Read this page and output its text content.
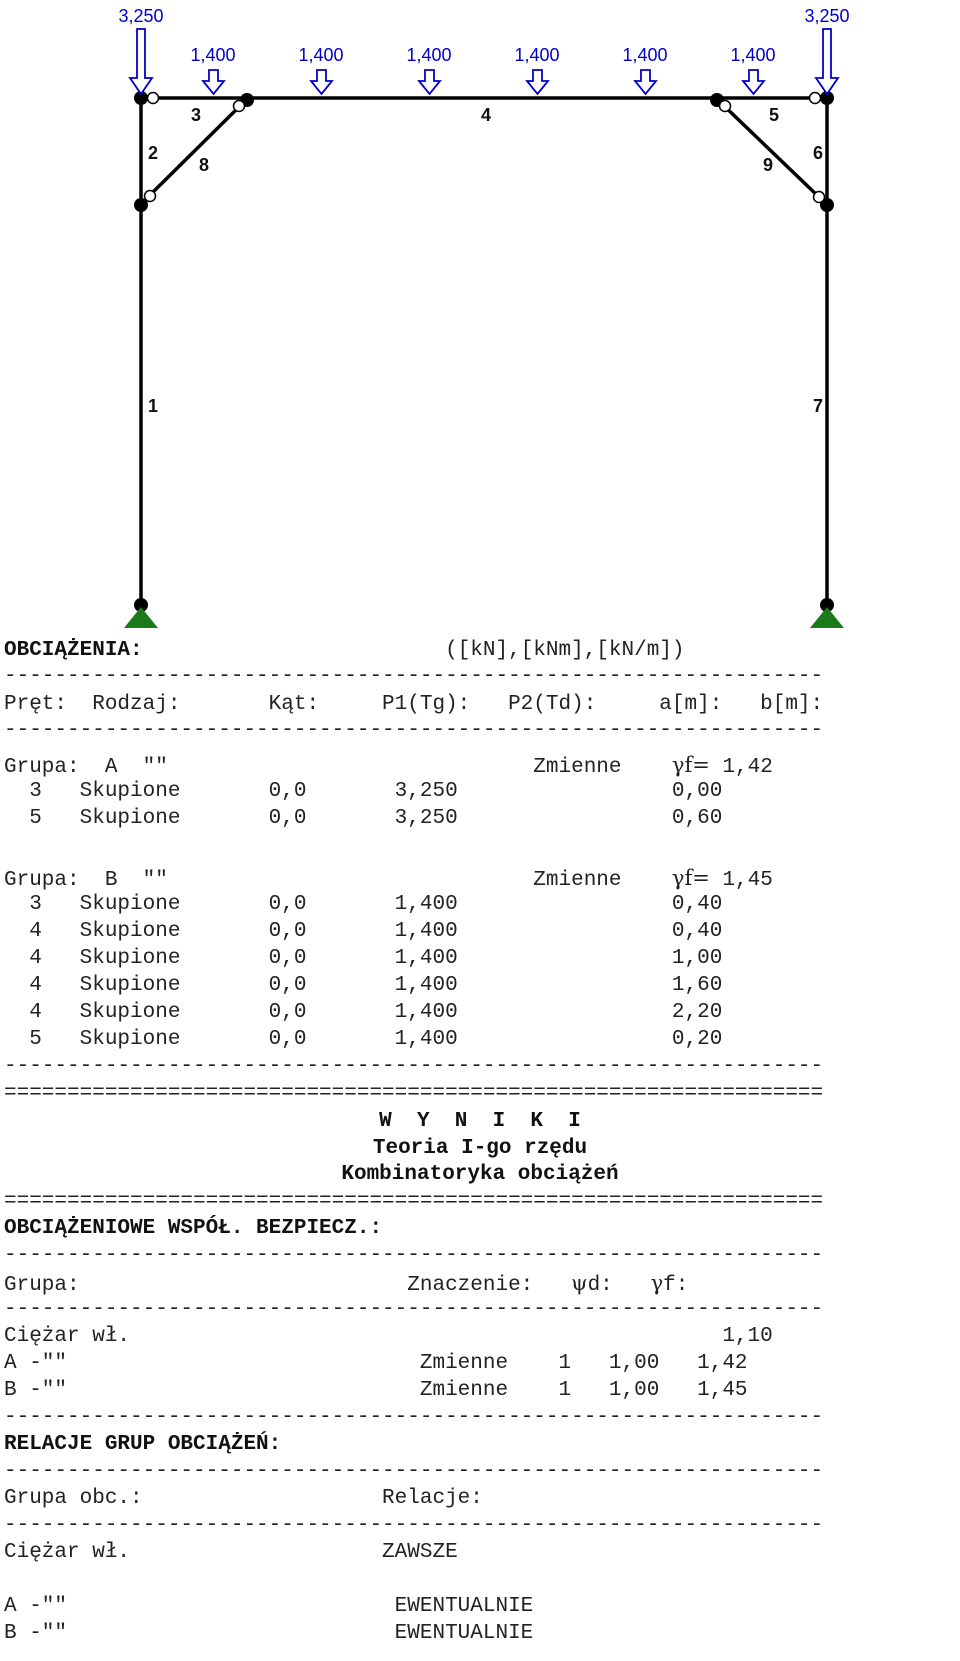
3,250	3,250
1,400	1,400	1,400	1,400	1,400	1,400
1
2
3	4	5
6
7
8	9
OBCIĄŻENIA:	([kN],[kNm],[kN/m])
-----------------------------------------------------------------
Pręt:  Rodzaj:       Kąt:     P1(Tg):   P2(Td):     a[m]:   b[m]:
-----------------------------------------------------------------
Grupa:  A  ""                             Zmienne    γf= 1,42
3   Skupione       0,0       3,250                 0,00
5   Skupione       0,0       3,250                 0,60
Grupa:  B  ""                             Zmienne    γf= 1,45
3   Skupione       0,0       1,400                 0,40
4   Skupione       0,0       1,400                 0,40
4   Skupione       0,0       1,400                 1,00
4   Skupione       0,0       1,400                 1,60
4   Skupione       0,0       1,400                 2,20
5   Skupione       0,0       1,400                 0,20
-----------------------------------------------------------------
=================================================================
W  Y  N  I  K  I
Teoria I-go rzędu
Kombinatoryka obciążeń
=================================================================
OBCIĄŻENIOWE WSPÓŁ. BEZPIECZ.:
-----------------------------------------------------------------
Grupa:                          Znaczenie:   ψd:   γf:
-----------------------------------------------------------------
Ciężar wł.                                               1,10
A -""                            Zmienne    1   1,00   1,42
B -""                            Zmienne    1   1,00   1,45
-----------------------------------------------------------------
RELACJE GRUP OBCIĄŻEŃ:
-----------------------------------------------------------------
Grupa obc.:                   Relacje:
-----------------------------------------------------------------
Ciężar wł.                    ZAWSZE
A -""                          EWENTUALNIE
B -""                          EWENTUALNIE
